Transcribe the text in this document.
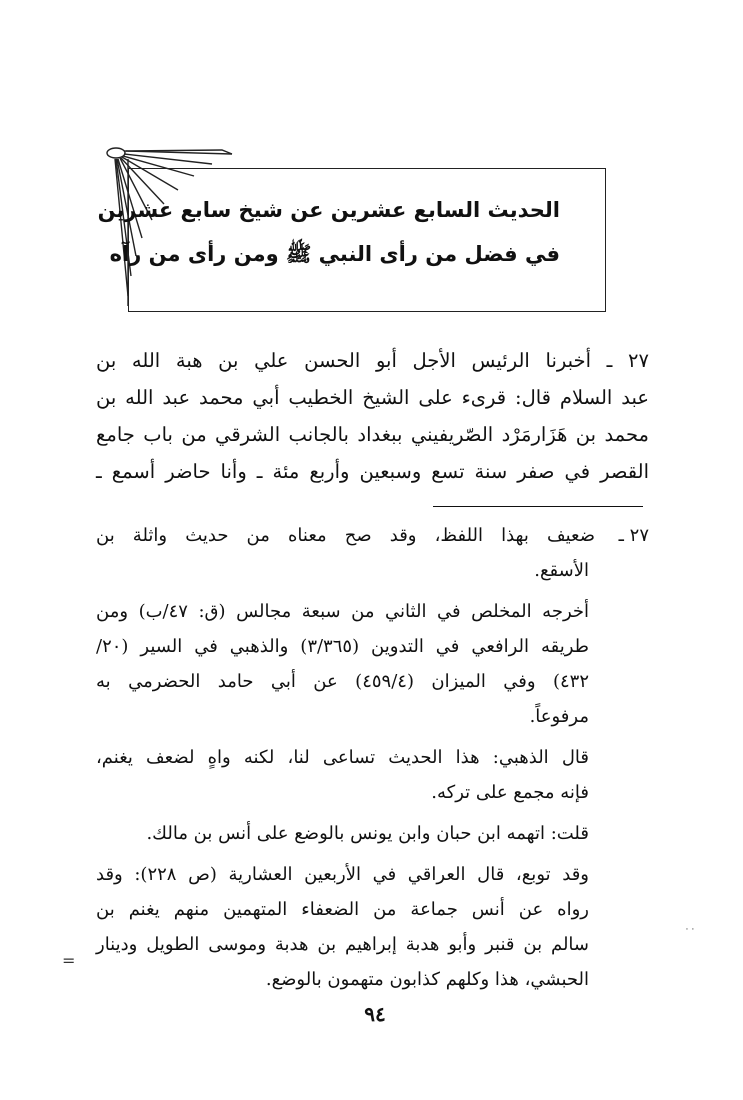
الحديث السابع عشرين عن شيخ سابع عشرين
في فضل من رأى النبي ﷺ ومن رأى من رآه
٢٧ ـ أخبرنا الرئيس الأجل أبو الحسن علي بن هبة الله بن
عبد السلام قال: قرىء على الشيخ الخطيب أبي محمد عبد الله بن
محمد بن هَزَارمَرْد الصّريفيني ببغداد بالجانب الشرقي من باب جامع
القصر في صفر سنة تسع وسبعين وأربع مئة ـ وأنا حاضر أسمع ـ
٢٧ ـ
ضعيف بهذا اللفظ، وقد صح معناه من حديث واثلة بن
الأسقع.
أخرجه المخلص في الثاني من سبعة مجالس (ق: ٤٧/ب) ومن
طريقه الرافعي في التدوين (٣/٣٦٥) والذهبي في السير (٢٠/
٤٣٢) وفي الميزان (٤٥٩/٤) عن أبي حامد الحضرمي به
مرفوعاً.
قال الذهبي: هذا الحديث تساعى لنا، لكنه واهٍ لضعف يغنم،
فإنه مجمع على تركه.
قلت: اتهمه ابن حبان وابن يونس بالوضع على أنس بن مالك.
وقد توبع، قال العراقي في الأربعين العشارية (ص ٢٢٨): وقد
رواه عن أنس جماعة من الضعفاء المتهمين منهم يغنم بن
سالم بن قنبر وأبو هدبة إبراهيم بن هدبة وموسى الطويل ودينار
الحبشي، هذا وكلهم كذابون متهمون بالوضع.
٠٠
=
٩٤
